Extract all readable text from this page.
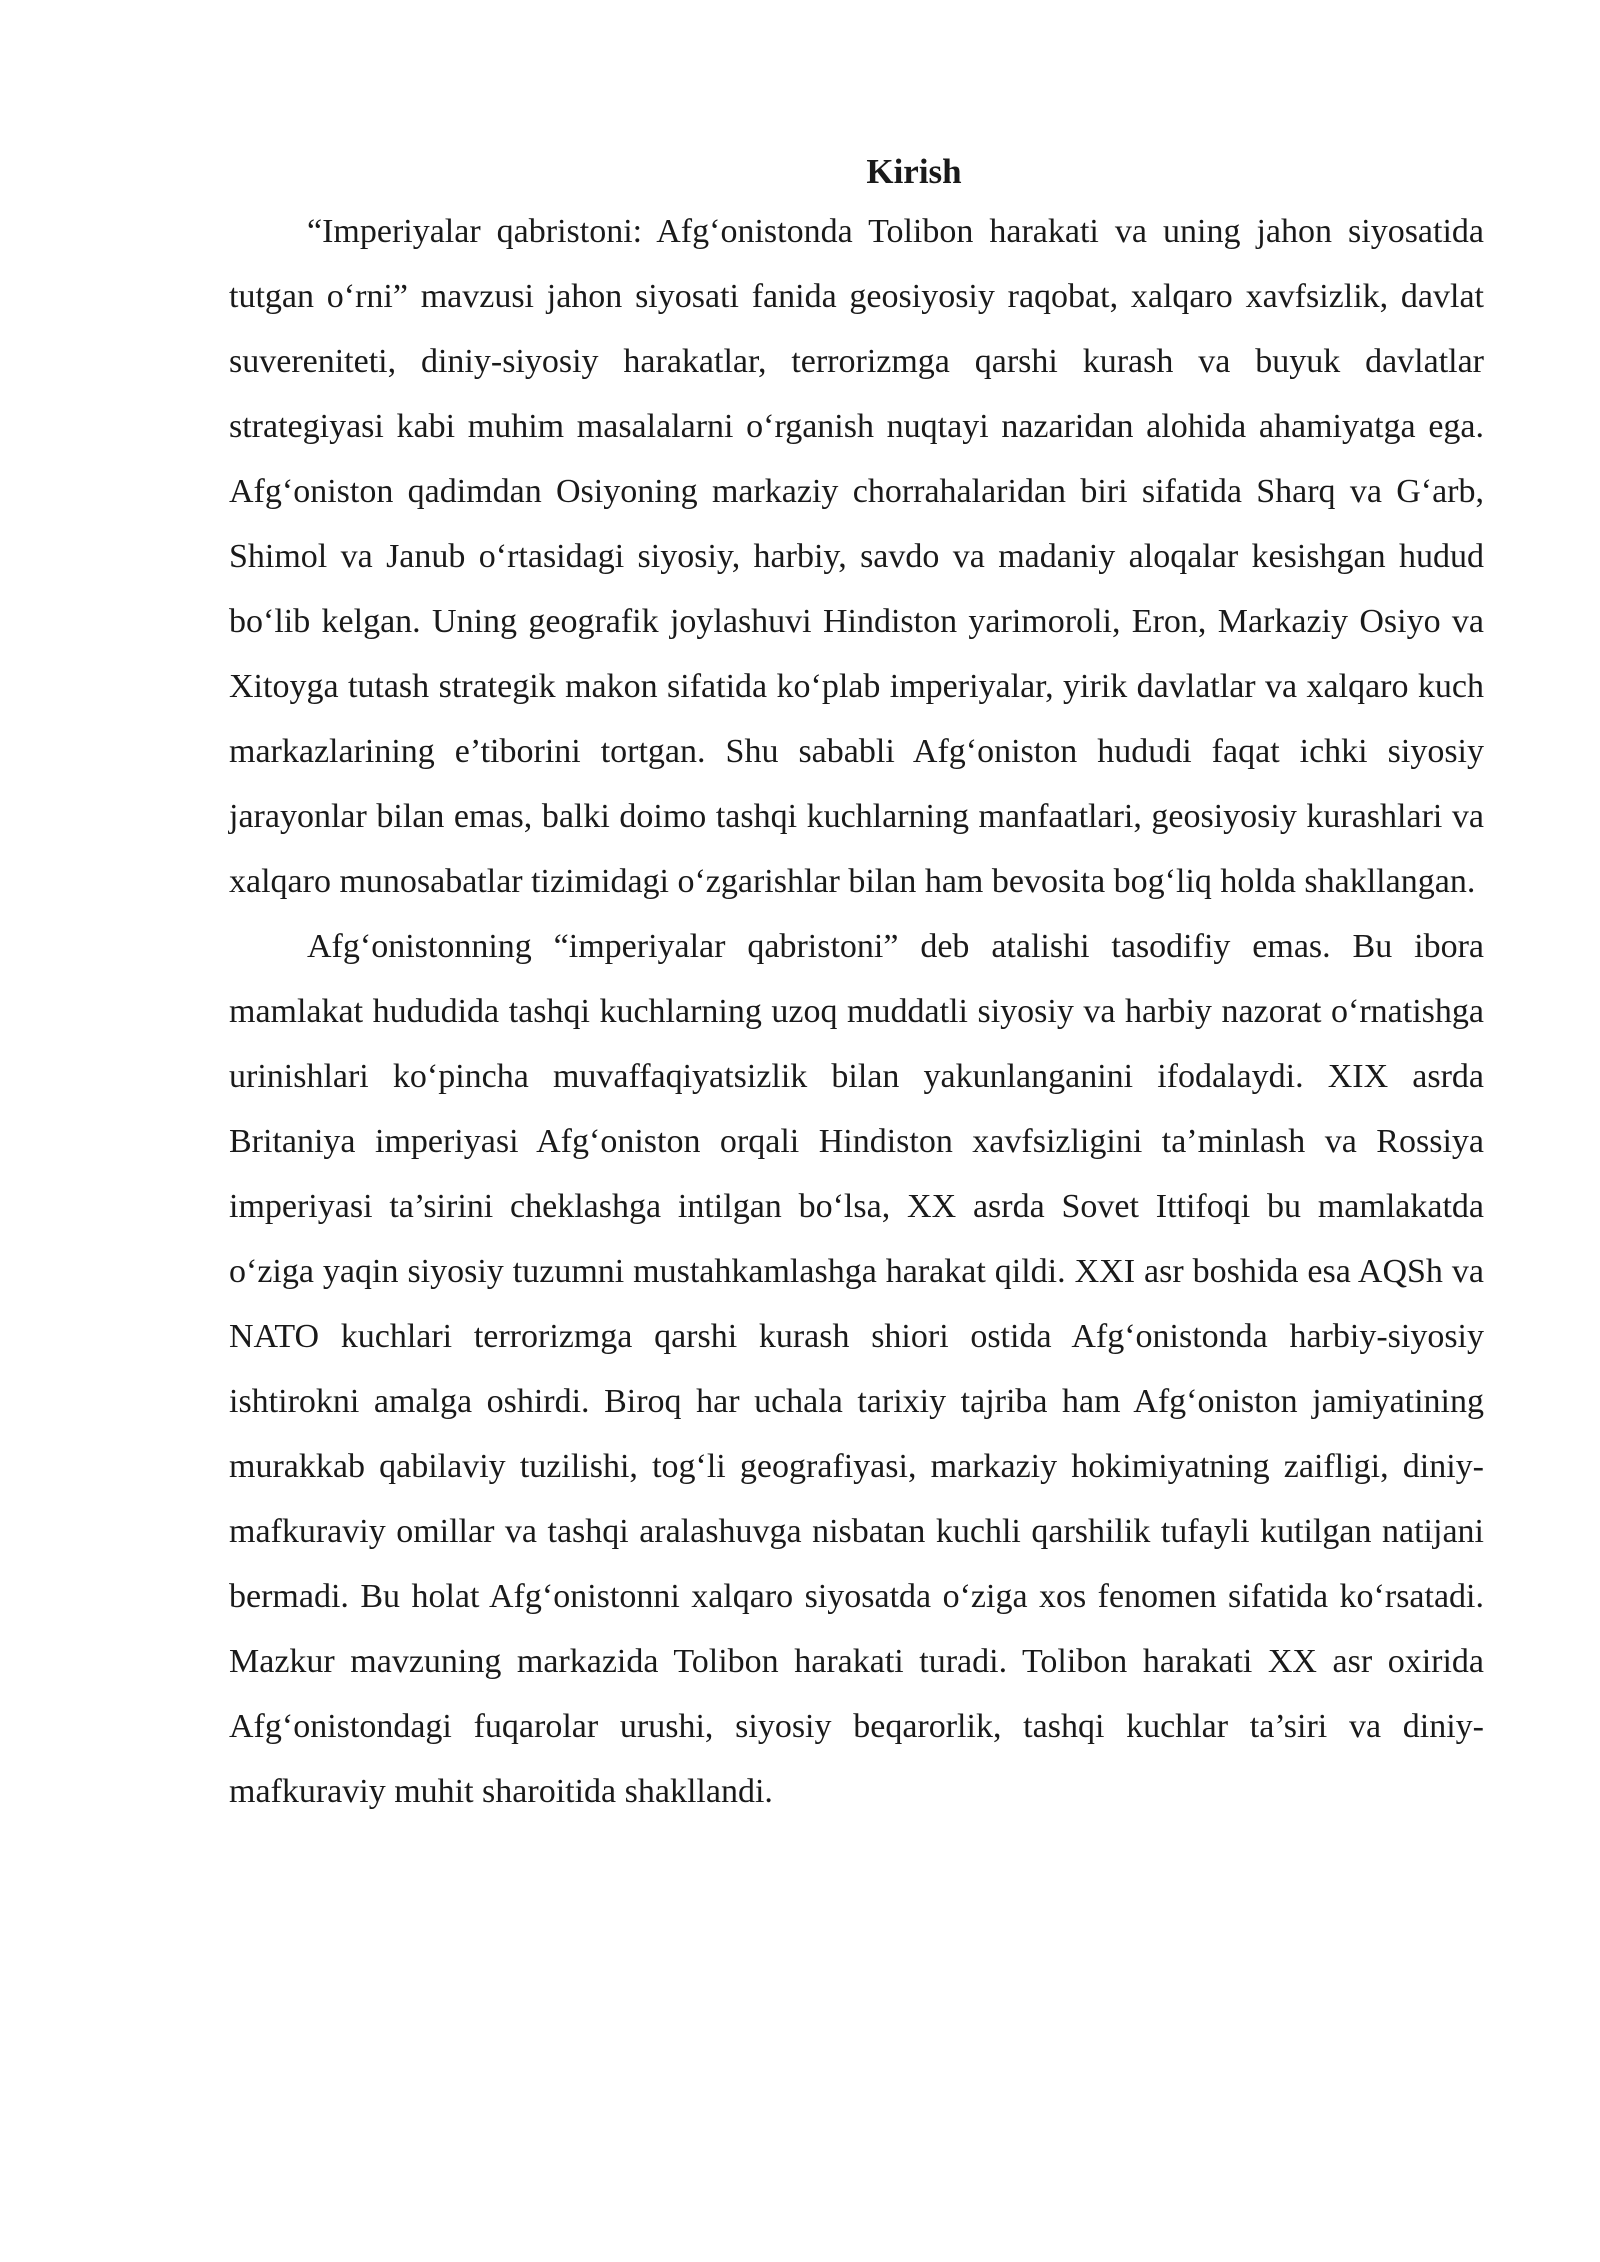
Kirish

“Imperiyalar qabristoni: Afg‘onistonda Tolibon harakati va uning jahon siyosatida tutgan o‘rni” mavzusi jahon siyosati fanida geosiyosiy raqobat, xalqaro xavfsizlik, davlat suvereniteti, diniy-siyosiy harakatlar, terrorizmga qarshi kurash va buyuk davlatlar strategiyasi kabi muhim masalalarni o‘rganish nuqtayi nazaridan alohida ahamiyatga ega. Afg‘oniston qadimdan Osiyoning markaziy chorrahalaridan biri sifatida Sharq va G‘arb, Shimol va Janub o‘rtasidagi siyosiy, harbiy, savdo va madaniy aloqalar kesishgan hudud bo‘lib kelgan. Uning geografik joylashuvi Hindiston yarimoroli, Eron, Markaziy Osiyo va Xitoyga tutash strategik makon sifatida ko‘plab imperiyalar, yirik davlatlar va xalqaro kuch markazlarining e’tiborini tortgan. Shu sababli Afg‘oniston hududi faqat ichki siyosiy jarayonlar bilan emas, balki doimo tashqi kuchlarning manfaatlari, geosiyosiy kurashlari va xalqaro munosabatlar tizimidagi o‘zgarishlar bilan ham bevosita bog‘liq holda shakllangan.

Afg‘onistonning “imperiyalar qabristoni” deb atalishi tasodifiy emas. Bu ibora mamlakat hududida tashqi kuchlarning uzoq muddatli siyosiy va harbiy nazorat o‘rnatishga urinishlari ko‘pincha muvaffaqiyatsizlik bilan yakunlanganini ifodalaydi. XIX asrda Britaniya imperiyasi Afg‘oniston orqali Hindiston xavfsizligini ta’minlash va Rossiya imperiyasi ta’sirini cheklashga intilgan bo‘lsa, XX asrda Sovet Ittifoqi bu mamlakatda o‘ziga yaqin siyosiy tuzumni mustahkamlashga harakat qildi. XXI asr boshida esa AQSh va NATO kuchlari terrorizmga qarshi kurash shiori ostida Afg‘onistonda harbiy-siyosiy ishtirokni amalga oshirdi. Biroq har uchala tarixiy tajriba ham Afg‘oniston jamiyatining murakkab qabilaviy tuzilishi, tog‘li geografiyasi, markaziy hokimiyatning zaifligi, diniy-mafkuraviy omillar va tashqi aralashuvga nisbatan kuchli qarshilik tufayli kutilgan natijani bermadi. Bu holat Afg‘onistonni xalqaro siyosatda o‘ziga xos fenomen sifatida ko‘rsatadi. Mazkur mavzuning markazida Tolibon harakati turadi. Tolibon harakati XX asr oxirida Afg‘onistondagi fuqarolar urushi, siyosiy beqarorlik, tashqi kuchlar ta’siri va diniy-mafkuraviy muhit sharoitida shakllandi.
